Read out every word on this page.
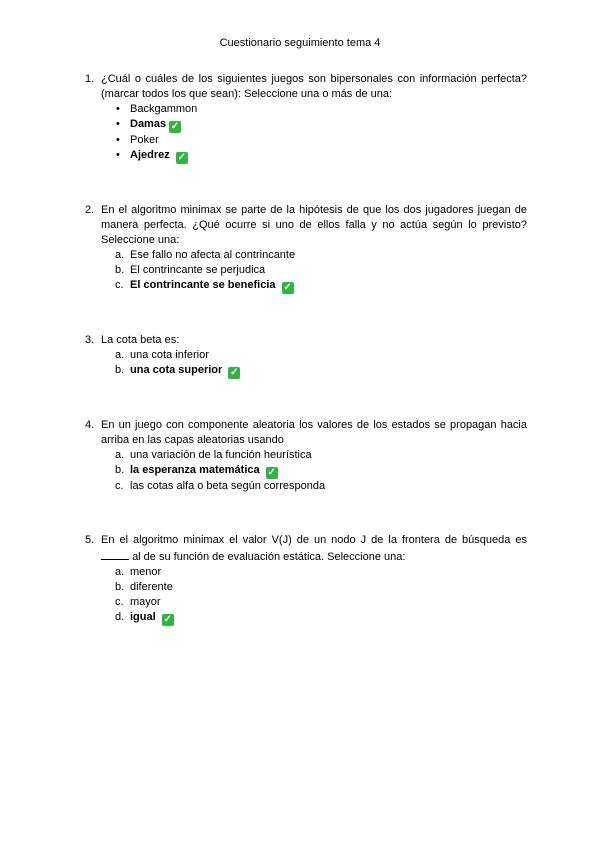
Cuestionario seguimiento tema 4
1. ¿Cuál o cuáles de los siguientes juegos son bipersonales con información perfecta? (marcar todos los que sean): Seleccione una o más de una:
• Backgammon
• Damas ✓
• Poker
• Ajedrez ✓
2. En el algoritmo minimax se parte de la hipótesis de que los dos jugadores juegan de manera perfecta. ¿Qué ocurre si uno de ellos falla y no actúa según lo previsto? Seleccione una:
a. Ese fallo no afecta al contrincante
b. El contrincante se perjudica
c. El contrincante se beneficia ✓
3. La cota beta es:
a. una cota inferior
b. una cota superior ✓
4. En un juego con componente aleatoria los valores de los estados se propagan hacia arriba en las capas aleatorias usando
a. una variación de la función heurística
b. la esperanza matemática ✓
c. las cotas alfa o beta según corresponda
5. En el algoritmo minimax el valor V(J) de un nodo J de la frontera de búsqueda es  al de su función de evaluación estática. Seleccione una:
a. menor
b. diferente
c. mayor
d. igual ✓
